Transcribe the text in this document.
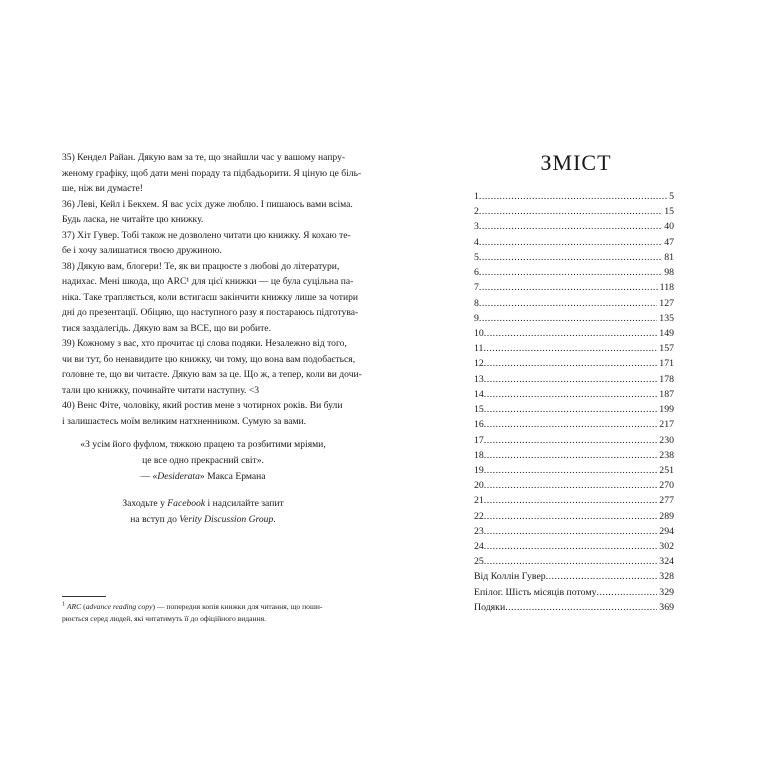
35) Кендел Райан. Дякую вам за те, що знайшли час у вашому напру-
женому графіку, щоб дати мені пораду та підбадьорити. Я ціную це біль-
ше, ніж ви думаєте!

36) Леві, Кейл і Бекхем. Я вас усіх дуже люблю. І пишаюсь вами всіма.
Будь ласка, не читайте цю книжку.

37) Хіт Гувер. Тобі також не дозволено читати цю книжку. Я кохаю те-
бе і хочу залишатися твоєю дружиною.

38) Дякую вам, блогери! Те, як ви працюєте з любові до літератури,
надихає. Мені шкода, що ARC¹ для цієї книжки — це була суцільна па-
ніка. Таке трапляється, коли встигаєш закінчити книжку лише за чотири
дні до презентації. Обіцяю, що наступного разу я постараюсь підготува-
тися заздалегідь. Дякую вам за ВСЕ, що ви робите.

39) Кожному з вас, хто прочитає ці слова подяки. Незалежно від того,
чи ви тут, бо ненавидите цю книжку, чи тому, що вона вам подобається,
головне те, що ви читаєте. Дякую вам за це. Що ж, а тепер, коли ви дочи-
тали цю книжку, починайте читати наступну. <3

40) Венс Фіте, чоловіку, який ростив мене з чотирнох років. Ви були
і залишаєтесь моїм великим натхненником. Сумую за вами.

«З усім його фуфлом, тяжкою працею та розбитими мріями,
це все одно прекрасний світ».
— «Desiderata» Макса Ермана
Заходьте у Facebook і надсилайте запит
на вступ до Verity Discussion Group.
$^1$ ARC (advance reading copy) — попередня копія книжки для читання, що поши-
рюється серед людей, які читатимуть її до офіційного видання.
ЗМІСТ
1 .....	5
2 .....	15
3 .....	40
4 .....	47
5 .....	81
6 .....	98
7 .....	118
8 .....	127
9 .....	135
10 .....	149
11 .....	157
12 .....	171
13 .....	178
14 .....	187
15 .....	199
16 .....	217
17 .....	230
18 .....	238
19 .....	251
20 .....	270
21 .....	277
22 .....	289
23 .....	294
24 .....	302
25 .....	324
Від Коллін Гувер .....	328
Епілог. Шість місяців потому .....	329
Подяки .....	369
